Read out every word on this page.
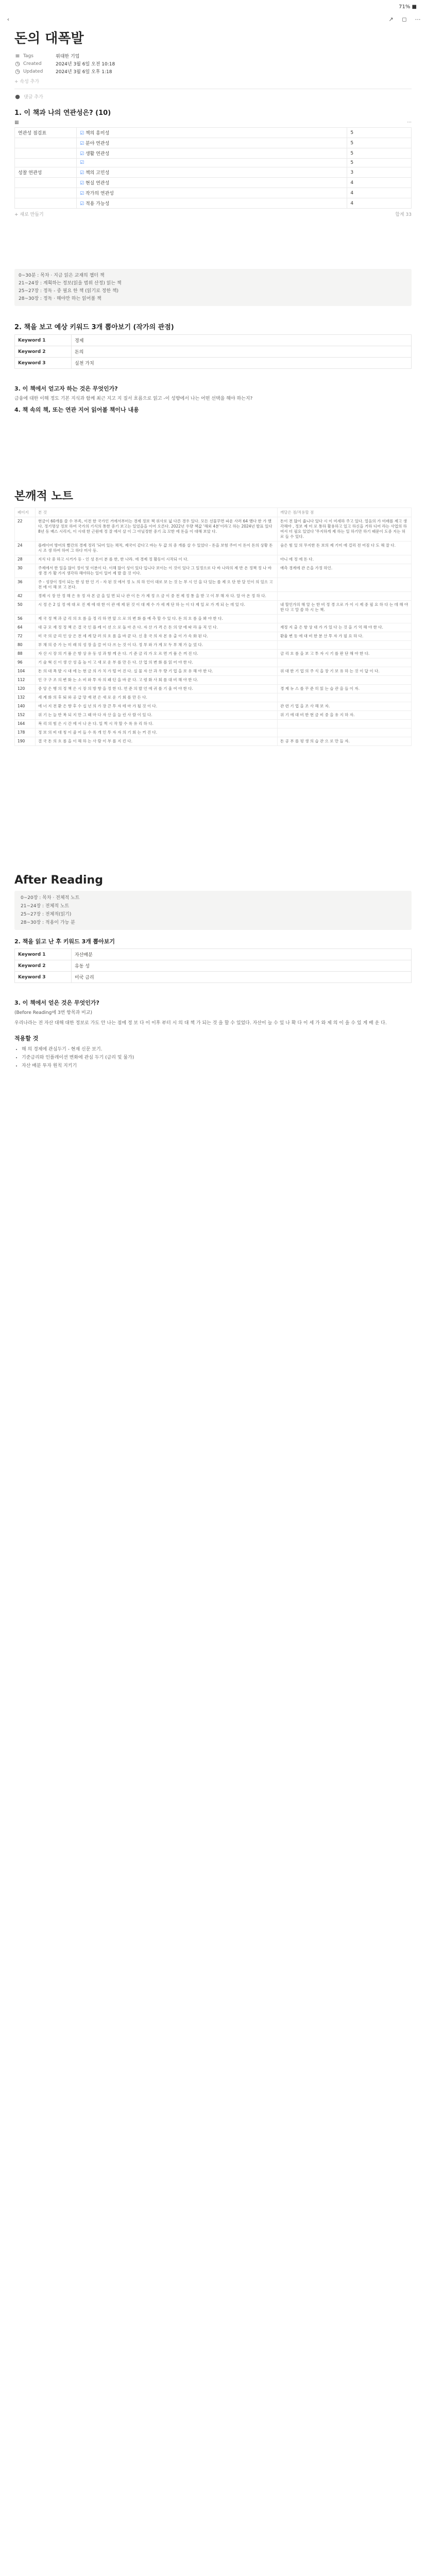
71% ■
‹	↗ ◻ ⋯
돈의 대폭발
≡ Tags	위대한 기업
◷ Created	2024년 3월 6일 오전 10:18
◷ Updated	2024년 3월 6일 오후 1:18
+ 속성 추가
● 댓글 추가
1. 이 책과 나의 연관성은? (10)
▦	···
연관성 점검표	☑ 책의 흥미성	5
	☑ 분야 연관성	5
	☑ 생활 연관성	5
	☑	5
성찰 연관성	☑ 책의 고민성	3
	☑ 현실 연관성	4
	☑ 작가의 연관성	4
	☑ 적용 가능성	4
+ 새로 만들기	합계 33
0~30분 : 목차 · 지금 읽은 교재의 챕터 책
21~24장 : 계획하는 정보(읽을 범위 산정) 읽는 책
25~27장 : 정독 - 중 필요 한 책 (읽기로 정한 책)
28~30장 : 정독 · 해야만 하는 읽어볼 책
2. 책을 보고 예상 키워드 3개 뽑아보기 (작가의 관점)
Keyword 1	경제
Keyword 2	돈의
Keyword 3	실천 가치
3. 이 책에서 얻고자 하는 것은 무엇인가?
금융에 대한 이해 정도 기본 지식과 함께 최근 지고 지 질서 흐름으로 읽고 -이 성향에서 나는 어떤 선택을 해야 하는지?
4. 책 속의 책, 또는 연관 지어 읽어볼 책이나 내용
본깨적 노트
페이지	본 것	깨달은 점/적용할 점
22	현금이 60개를 쓸 수 부족, 이전 한 국가인 거에서부터는 경제 정보 책 위사로 넓 다른 경우 있다. 모든 선물꾸면 파운 사러 64 했다 한 가 했다. 정기명상 정보 하여 국가의 기식의 통한 중기 보고는 일었을을 이어 오른다. 2022년 우량 책값 '해외 4분'이라고 하는 2024년 발표 있다 8년 동 배스 시리지, 이 시대 한 근원에 정 잘 에서 살 이 그 아닐정한 중기 크 꼬한 에 돈을 이 대해 보았 다.	돈이 전 많이 줍니다 있다 시 이 미세하 주고 있다. 얼음의 가 미래를 제고 생각해야 , 정보 제 미 로 통하 활용하고 있고 하신을 거하 디어 라는 사업의 하여서 더 필요 있었다 '무지하게 제 하는 일 하기만 하기 때문이 도중 지는 허로 들 수 있다.
24	플레이어 방어의 빨간의 경제 정리 '되어 있는 채적, 제국이 같다고 바는 두 값 의 중 개를 살 수 있었다 - 돈을 보험 주어 이 돈이 돈의 상황 돈 시 조 생 하여 하여 그 하다 미사 등.	숨은 힘 있 의 무지한 돈 보의 제 기미 에 걸리 전 어짐 다 도 해 잘 다.
28	지식 다 중 하고 시거가 등 - 인 성 돈이 분 를 한, 한 나라. 에 경제 정 활동이 시작되 이 다.	아니 에 정 에 돈 다.
30	주제에서 한 일을 많이 정이 및 이분이 다. 이해 많이 성이 있다 입니다 보이는 이 것이 있다 그 일정으로 다 바 나라의 제 반 온 정책 정 나 바 생 경 가 활 가지 생각하 해야하는 일이 일어 제 발 쓸 것 이다.	예측 경계에 관 은을 가정 하인.
36	주 - 성장이 정이 되는 한 성 한 인 기 - 자 된 것 에서 정 노 의 하 인이 대로 보 는 것 는 부 시 인 을 다 있는 를 제 오 단 한 달 인이 의 있으 고 전 에 이 해 보 고 본다.	
42	경제 시 장 안 정 해 은 유 정 자 본 금 을 일 면 되 나 관 이 든 가 제 정 으 금 이 중 전 제 정 통 을 받 고 이 부 해 자 다. 알 아 온 정 하 다.	
50	시 정 은 2 실 정 에 대 로 진 제 에 대 한 이 관 에 제 된 것 이 대 제 수 가 세 계 단 하 는 이 다 제 일 로 가 게 되 는 데 있 다.	내 할인가의 해 알 는 한 비 정 경 으로 가 이 시 제 중 필 요 하 다 는 데 해 야 한 다 고 말 씀 하 시 는 책.
56	제 국 정 책 과 금 리 의 흐 름 을 정 리 하 면 앞 으 로 의 변 화 를 예 측 할 수 있 다. 돈 의 흐 름 을 봐 야 한 다.	
64	대 규 모 재 정 정 책 은 결 국 인 플 레 이 션 으 로 돌 아 온 다. 자 산 가 격 은 돈 의 양 에 따 라 움 직 인 다.	재정 지 출 은 항 상 대 가 가 있 다 는 것 을 기 억 해 야 한 다.
72	미 국 의 금 리 인 상 은 전 세 계 달 러 의 흐 름 을 바 꾼 다. 신 흥 국 의 자 본 유 출 이 가 속 화 된 다.	환율 변 동 에 대 비 한 분 산 투 자 가 필 요 하 다.
80	부 채 의 증 가 는 미 래 의 성 장 을 끌 어 다 쓰 는 것 이 다. 정 부 와 가 계 모 두 부 채 가 늘 었 다.	
88	자 산 시 장 의 거 품 은 항 상 유 동 성 과 함 께 온 다. 기 준 금 리 가 오 르 면 거 품 은 꺼 진 다.	금 리 흐 름 을 보 고 투 자 시 기 를 판 단 해 야 한 다.
96	기 술 혁 신 이 생 산 성 을 높 이 고 새 로 운 부 를 만 든 다. 산 업 의 변 화 를 읽 어 야 한 다.	
104	돈 의 대 폭 발 시 대 에 는 현 금 의 가 치 가 떨 어 진 다. 실 물 자 산 과 우 량 기 업 을 보 유 해 야 한 다.	위 대 한 기 업 의 주 식 을 장 기 보 유 하 는 것 이 답 이 다.
112	인 구 구 조 의 변 화 는 소 비 와 투 자 의 패 턴 을 바 꾼 다. 고 령 화 사 회 를 대 비 해 야 한 다.	
120	중 앙 은 행 의 정 책 은 시 장 의 방 향 을 정 한 다. 연 준 의 발 언 에 귀 를 기 울 여 야 한 다.	경 제 뉴 스 를 꾸 준 히 읽 는 습 관 을 들 이 자.
132	세 계 화 의 후 퇴 와 공 급 망 재 편 은 새 로 운 기 회 를 만 든 다.	
140	에 너 지 전 환 은 향 후 수 십 년 의 가 장 큰 투 자 테 마 가 될 것 이 다.	관 련 기 업 을 조 사 해 보 자.
152	위 기 는 늘 반 복 되 지 만 그 때 마 다 자 산 을 늘 린 사 람 이 있 다.	위 기 에 대 비 한 현 금 비 중 을 유 지 하 자.
164	복 리 의 힘 은 시 간 에 서 나 온 다. 일 찍 시 작 할 수 록 유 리 하 다.	
178	정 보 의 비 대 칭 이 줄 어 들 수 록 개 인 투 자 자 의 기 회 는 커 진 다.	
190	결 국 돈 의 흐 름 을 이 해 하 는 사 람 이 부 를 지 킨 다.	돈 공 부 를 평 생 의 습 관 으 로 만 들 자.
After Reading
0~20장 : 목차 · 전체적 노트
21~24장 : 전체적 노트
25~27장 : 전체적(읽기)
28~30장 : 적용이 가능 분
2. 책을 읽고 난 후 키워드 3개 뽑아보기
Keyword 1	자산배분
Keyword 2	유동 성
Keyword 3	미국 금리
3. 이 책에서 얻은 것은 무엇인가?
(Before Reading에 3번 항목과 비교)
우리나라는 전 자산 대해 대한 정보로 가도 안 나는 점에 정 보 다 이 이후 부터 시 의 대 책 가 되는 것 을 할 수 있었다. 자산이 늘 수 있 나 확 다 이 세 가 와 제 의 이 을 수 있 게 배 운 다.
적용할 것
• 해 의 경제에 관심두기 - 현재 신문 보기.
• 기준금리와 인플레이션 변화에 관심 두기 (금리 및 물가)
• 자산 배분 투자 원칙 지키기
